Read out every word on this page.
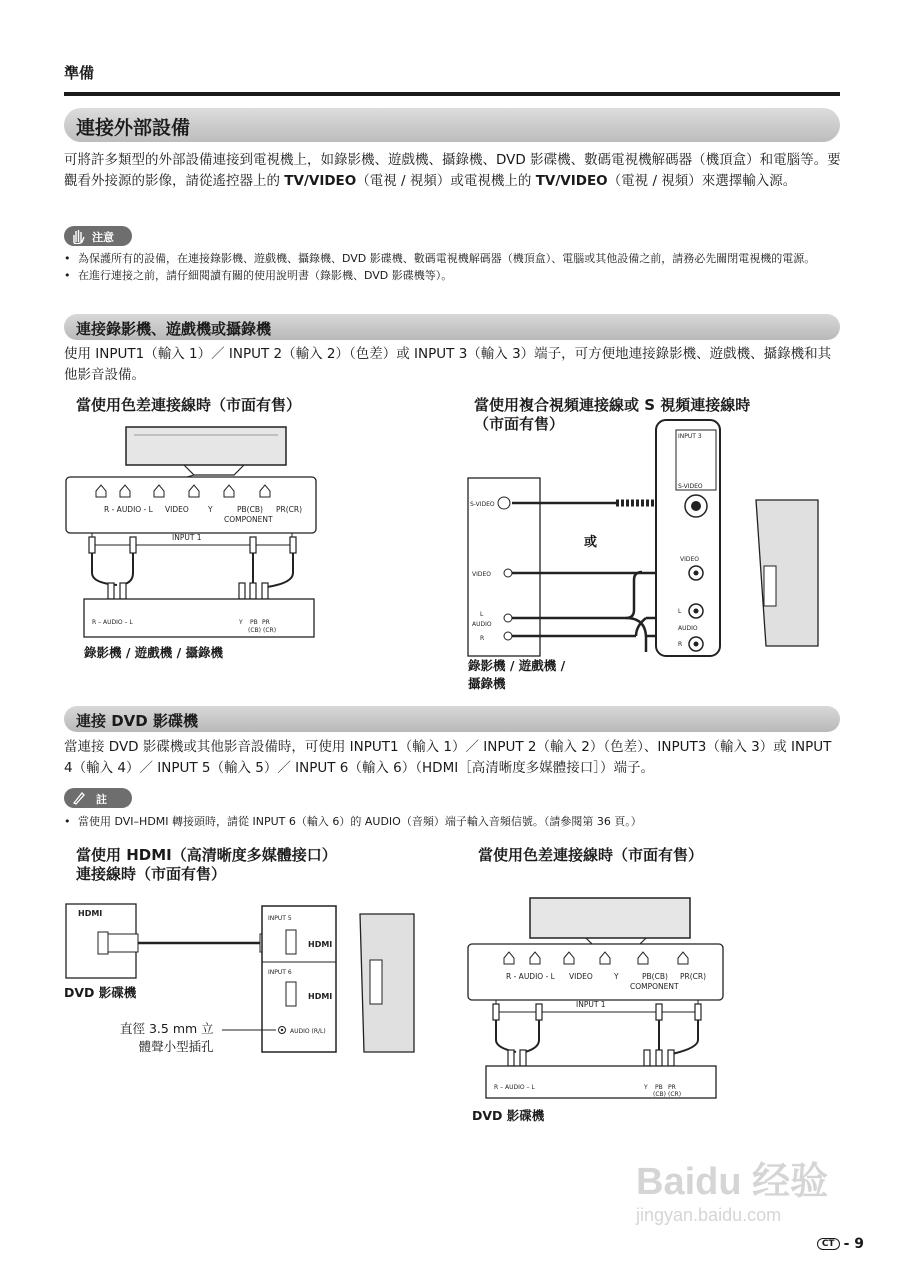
準備
連接外部設備
可將許多類型的外部設備連接到電視機上，如錄影機、遊戲機、攝錄機、DVD 影碟機、數碼電視機解碼器（機頂盒）和電腦等。要觀看外接源的影像，請從遙控器上的 TV/VIDEO（電視 / 視頻）或電視機上的 TV/VIDEO（電視 / 視頻）來選擇輸入源。
注意
• 為保護所有的設備，在連接錄影機、遊戲機、攝錄機、DVD 影碟機、數碼電視機解碼器（機頂盒）、電腦或其他設備之前，請務必先關閉電視機的電源。
• 在進行連接之前，請仔細閱讀有關的使用說明書（錄影機、DVD 影碟機等）。
連接錄影機、遊戲機或攝錄機
使用 INPUT1（輸入 1）／ INPUT 2（輸入 2）（色差）或 INPUT 3（輸入 3）端子，可方便地連接錄影機、遊戲機、攝錄機和其他影音設備。
當使用色差連接線時（市面有售）	當使用複合視頻連接線或 S 視頻連接線時
（市面有售）
R - AUDIO - L VIDEO	Y	PB(CB) PR(CR)
COMPONENT
INPUT 1
R – AUDIO – L	Y PB PR
(CB) (CR)
錄影機 / 遊戲機 / 攝錄機
S-VIDEO
VIDEO
L
AUDIO
R
或
INPUT 3
S-VIDEO
VIDEO
L
AUDIO
R
錄影機 / 遊戲機 /
攝錄機
連接 DVD 影碟機
當連接 DVD 影碟機或其他影音設備時，可使用 INPUT1（輸入 1）／ INPUT 2（輸入 2）（色差）、INPUT3（輸入 3）或 INPUT 4（輸入 4）／ INPUT 5（輸入 5）／ INPUT 6（輸入 6）（HDMI［高清晰度多媒體接口］）端子。
註
• 當使用 DVI–HDMI 轉接頭時，請從 INPUT 6（輸入 6）的 AUDIO（音頻）端子輸入音頻信號。（請參閱第 36 頁。）
當使用 HDMI（高清晰度多媒體接口）
連接線時（市面有售）
當使用色差連接線時（市面有售）
HDMI
INPUT 5
HDMI
INPUT 6
HDMI
AUDIO (R/L)
DVD 影碟機
直徑 3.5 mm 立
體聲小型插孔
R - AUDIO - L VIDEO	Y	PB(CB) PR(CR)
COMPONENT
INPUT 1
R – AUDIO – L	Y PB PR
(CB) (CR)
DVD 影碟機
Baidu 经验
jingyan.baidu.com
CT - 9
